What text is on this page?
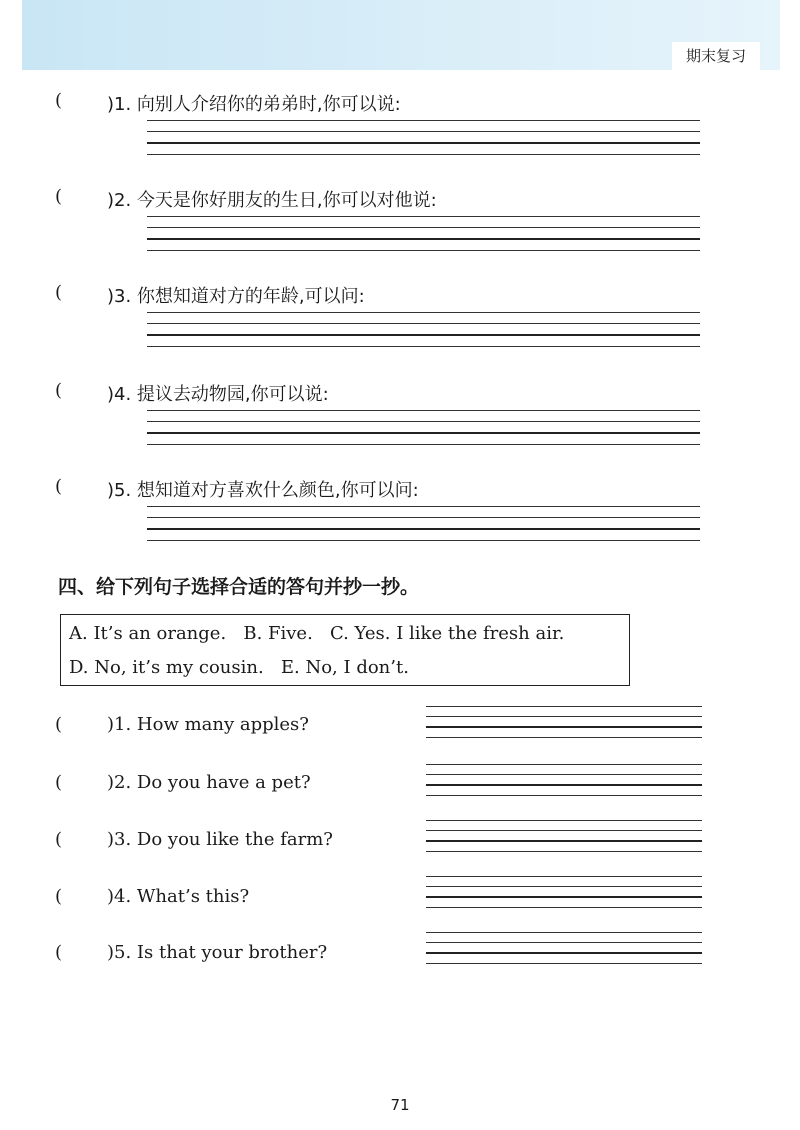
期末复习
( )1. 向别人介绍你的弟弟时,你可以说:
( )2. 今天是你好朋友的生日,你可以对他说:
( )3. 你想知道对方的年龄,可以问:
( )4. 提议去动物园,你可以说:
( )5. 想知道对方喜欢什么颜色,你可以问:
四、给下列句子选择合适的答句并抄一抄。
A. It’s an orange.   B. Five.   C. Yes. I like the fresh air.
D. No, it’s my cousin.   E. No, I don’t.
( )1. How many apples?
( )2. Do you have a pet?
( )3. Do you like the farm?
( )4. What’s this?
( )5. Is that your brother?
71
